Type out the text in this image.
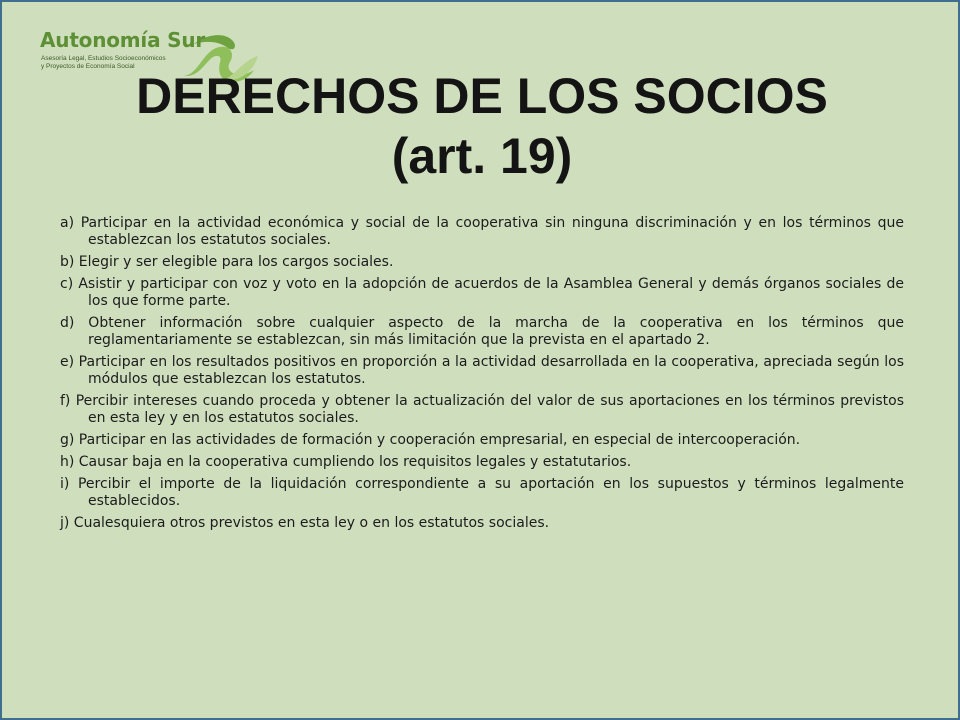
Autonomía Sur
Asesoría Legal, Estudios Socioeconómicos
y Proyectos de Economía Social
DERECHOS DE LOS SOCIOS
(art. 19)
a) Participar en la actividad económica y social de la cooperativa sin ninguna discriminación y en los términos que establezcan los estatutos sociales.
b) Elegir y ser elegible para los cargos sociales.
c) Asistir y participar con voz y voto en la adopción de acuerdos de la Asamblea General y demás órganos sociales de los que forme parte.
d) Obtener información sobre cualquier aspecto de la marcha de la cooperativa en los términos que reglamentariamente se establezcan, sin más limitación que la prevista en el apartado 2.
e) Participar en los resultados positivos en proporción a la actividad desarrollada en la cooperativa, apreciada según los módulos que establezcan los estatutos.
f) Percibir intereses cuando proceda y obtener la actualización del valor de sus aportaciones en los términos previstos en esta ley y en los estatutos sociales.
g) Participar en las actividades de formación y cooperación empresarial, en especial de intercooperación.
h) Causar baja en la cooperativa cumpliendo los requisitos legales y estatutarios.
i) Percibir el importe de la liquidación correspondiente a su aportación en los supuestos y términos legalmente establecidos.
j) Cualesquiera otros previstos en esta ley o en los estatutos sociales.
